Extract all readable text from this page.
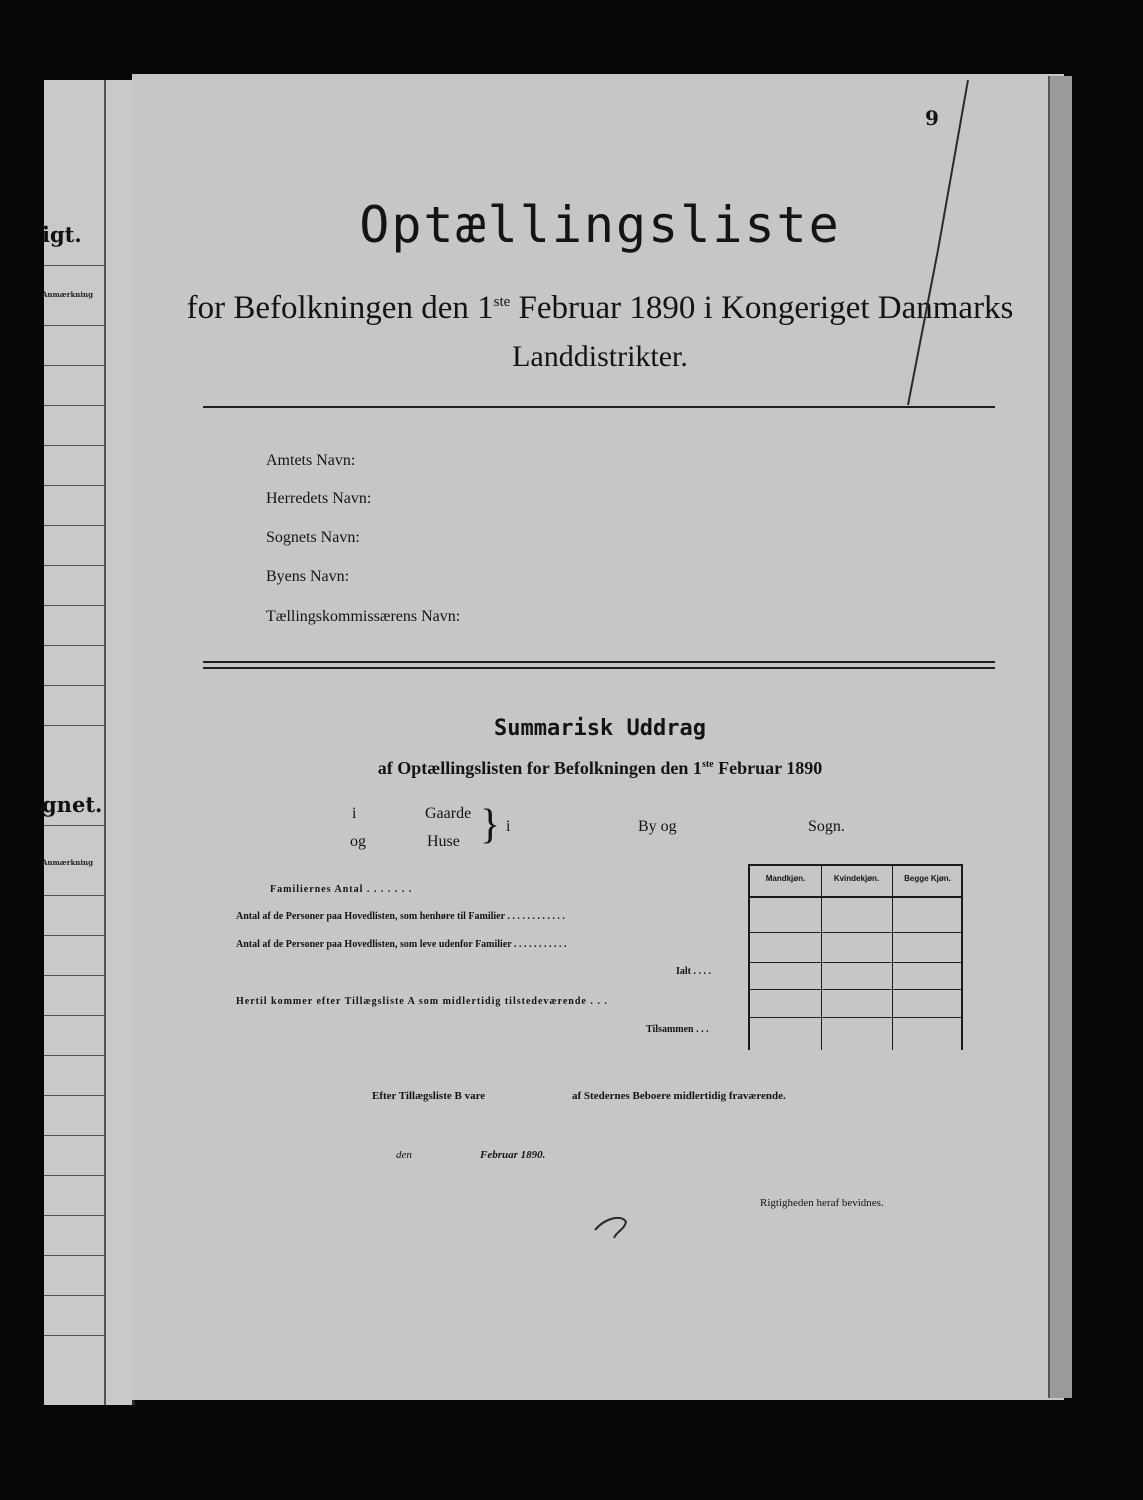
igt.
Anmærkning
gnet.
Anmærkning
9
Optællingsliste
for Befolkningen den 1ste Februar 1890 i Kongeriget Danmarks
Landdistrikter.
Amtets Navn:
Herredets Navn:
Sognets Navn:
Byens Navn:
Tællingskommissærens Navn:
Summarisk Uddrag
af Optællingslisten for Befolkningen den 1ste Februar 1890
i
og
Gaarde
Huse } i	By og	Sogn.
Mandkjøn.	Kvindekjøn.	Begge Kjøn.
Familiernes Antal . . . . . . .
Antal af de Personer paa Hovedlisten, som henhøre til Familier . . . . . . . . . . . .
Antal af de Personer paa Hovedlisten, som leve udenfor Familier . . . . . . . . . . .
Ialt . . . .
Hertil kommer efter Tillægsliste A som midlertidig tilstedeværende . . .
Tilsammen . . .
Efter Tillægsliste B vare	af Stedernes Beboere midlertidig fraværende.
den	Februar 1890.
Rigtigheden heraf bevidnes.
